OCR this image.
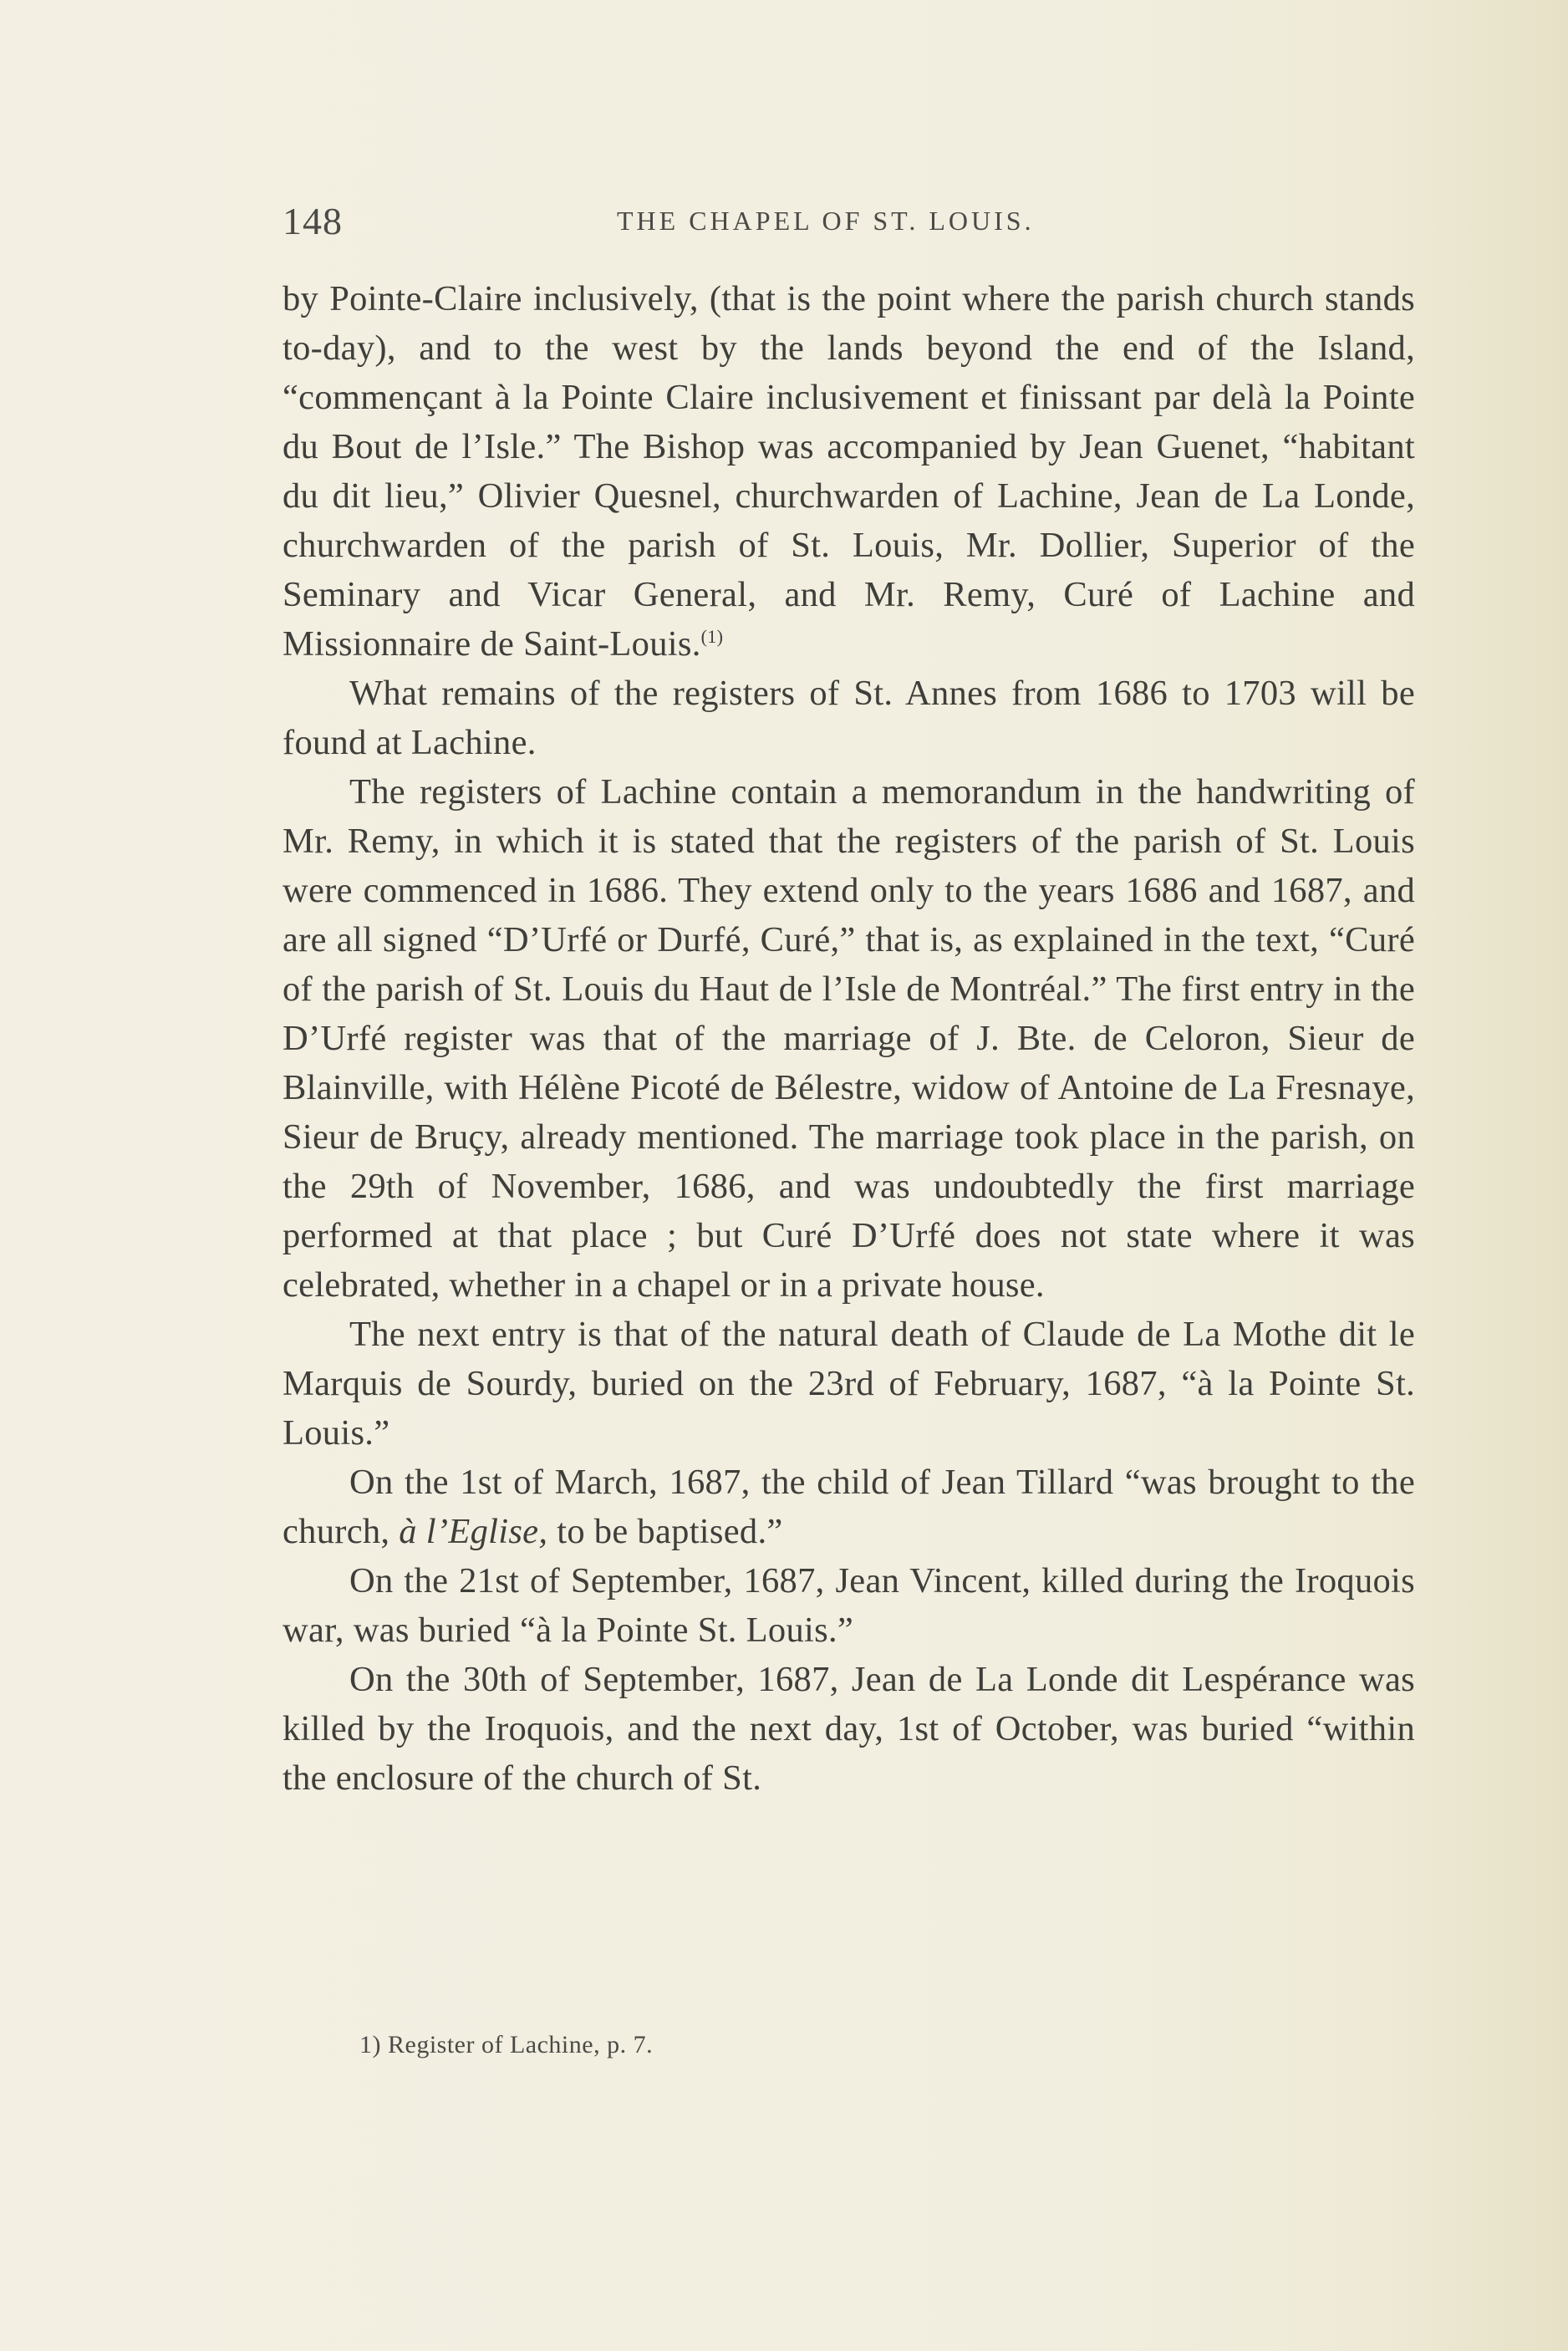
148	THE CHAPEL OF ST. LOUIS.

by Pointe-Claire inclusively, (that is the point where the parish church stands to-day), and to the west by the lands beyond the end of the Island, “commençant à la Pointe Claire inclusivement et finissant par delà la Pointe du Bout de l’Isle.” The Bishop was accompanied by Jean Guenet, “habitant du dit lieu,” Olivier Quesnel, churchwarden of Lachine, Jean de La Londe, churchwarden of the parish of St. Louis, Mr. Dollier, Superior of the Seminary and Vicar General, and Mr. Remy, Curé of Lachine and Missionnaire de Saint-Louis.$^{(1)}$

What remains of the registers of St. Annes from 1686 to 1703 will be found at Lachine.

The registers of Lachine contain a memorandum in the handwriting of Mr. Remy, in which it is stated that the registers of the parish of St. Louis were commenced in 1686. They extend only to the years 1686 and 1687, and are all signed “D’Urfé or Durfé, Curé,” that is, as explained in the text, “Curé of the parish of St. Louis du Haut de l’Isle de Montréal.” The first entry in the D’Urfé register was that of the marriage of J. Bte. de Celoron, Sieur de Blainville, with Hélène Picoté de Bélestre, widow of Antoine de La Fresnaye, Sieur de Bruçy, already mentioned. The marriage took place in the parish, on the 29th of November, 1686, and was undoubtedly the first marriage performed at that place ; but Curé D’Urfé does not state where it was celebrated, whether in a chapel or in a private house.

The next entry is that of the natural death of Claude de La Mothe dit le Marquis de Sourdy, buried on the 23rd of February, 1687, “à la Pointe St. Louis.”

On the 1st of March, 1687, the child of Jean Tillard “was brought to the church, à l’Eglise, to be baptised.”

On the 21st of September, 1687, Jean Vincent, killed during the Iroquois war, was buried “à la Pointe St. Louis.”

On the 30th of September, 1687, Jean de La Londe dit Lespérance was killed by the Iroquois, and the next day, 1st of October, was buried “within the enclosure of the church of St.

1) Register of Lachine, p. 7.
